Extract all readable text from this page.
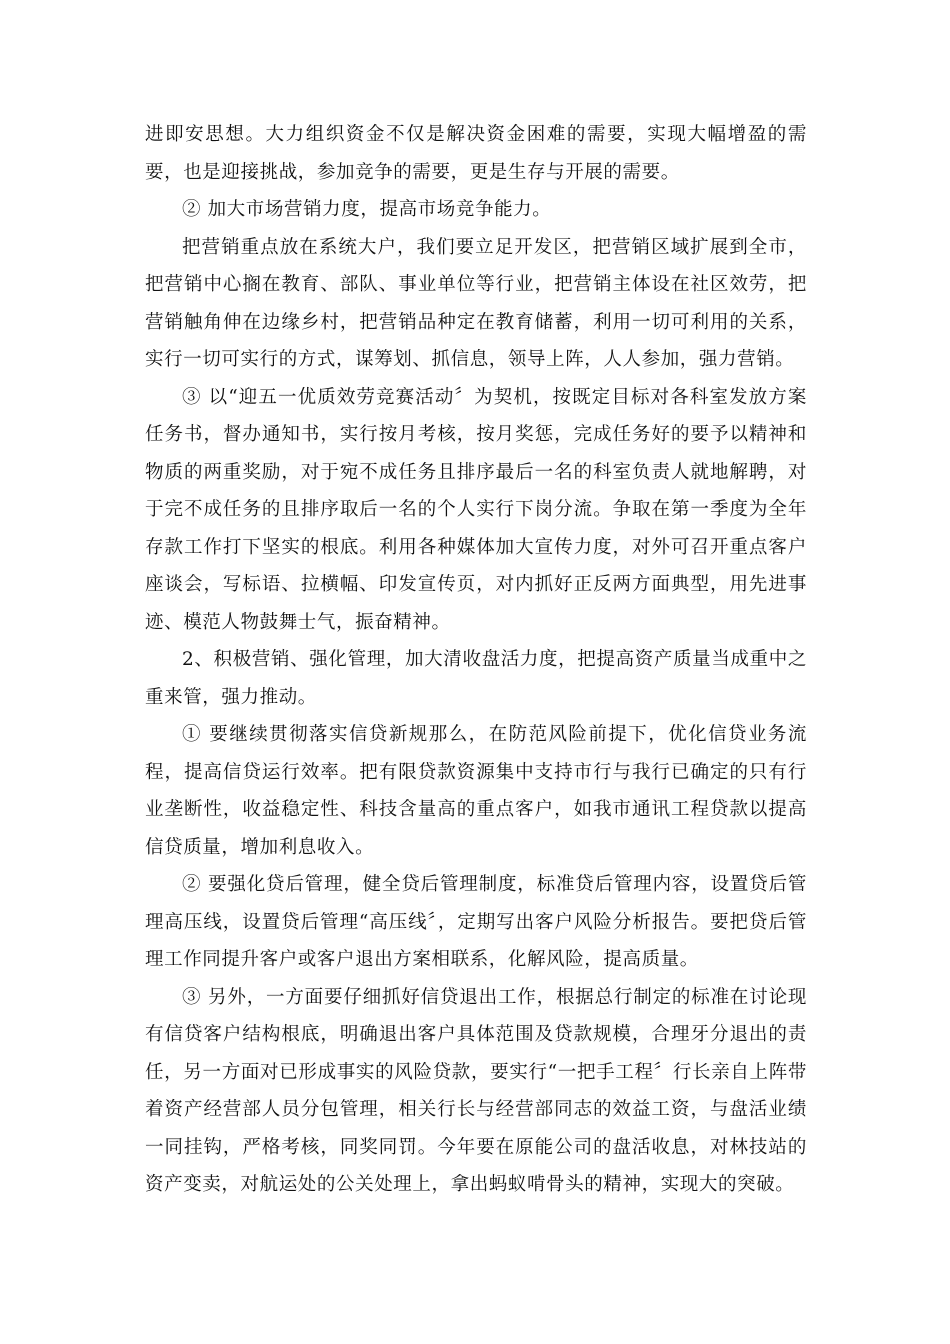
进即安思想。大力组织资金不仅是解决资金困难的需要，实现大幅增盈的需要，也是迎接挑战，参加竞争的需要，更是生存与开展的需要。

② 加大市场营销力度，提高市场竞争能力。

把营销重点放在系统大户，我们要立足开发区，把营销区域扩展到全市，把营销中心搁在教育、部队、事业单位等行业，把营销主体设在社区效劳，把营销触角伸在边缘乡村，把营销品种定在教育储蓄，利用一切可利用的关系，实行一切可实行的方式，谋筹划、抓信息，领导上阵，人人参加，强力营销。

③ 以“迎五一优质效劳竞赛活动〞为契机，按既定目标对各科室发放方案任务书，督办通知书，实行按月考核，按月奖惩，完成任务好的要予以精神和物质的两重奖励，对于宛不成任务且排序最后一名的科室负责人就地解聘，对于完不成任务的且排序取后一名的个人实行下岗分流。争取在第一季度为全年存款工作打下坚实的根底。利用各种媒体加大宣传力度，对外可召开重点客户座谈会，写标语、拉横幅、印发宣传页，对内抓好正反两方面典型，用先进事迹、模范人物鼓舞士气，振奋精神。

2、积极营销、强化管理，加大清收盘活力度，把提高资产质量当成重中之重来管，强力推动。

① 要继续贯彻落实信贷新规那么，在防范风险前提下，优化信贷业务流程，提高信贷运行效率。把有限贷款资源集中支持市行与我行已确定的只有行业垄断性，收益稳定性、科技含量高的重点客户，如我市通讯工程贷款以提高信贷质量，增加利息收入。

② 要强化贷后管理，健全贷后管理制度，标准贷后管理内容，设置贷后管理高压线，设置贷后管理“高压线〞，定期写出客户风险分析报告。要把贷后管理工作同提升客户或客户退出方案相联系，化解风险，提高质量。

③ 另外，一方面要仔细抓好信贷退出工作，根据总行制定的标准在讨论现有信贷客户结构根底，明确退出客户具体范围及贷款规模，合理牙分退出的责任，另一方面对已形成事实的风险贷款，要实行“一把手工程〞行长亲自上阵带着资产经营部人员分包管理，相关行长与经营部同志的效益工资，与盘活业绩一同挂钩，严格考核，同奖同罚。今年要在原能公司的盘活收息，对林技站的资产变卖，对航运处的公关处理上，拿出蚂蚁啃骨头的精神，实现大的突破。
